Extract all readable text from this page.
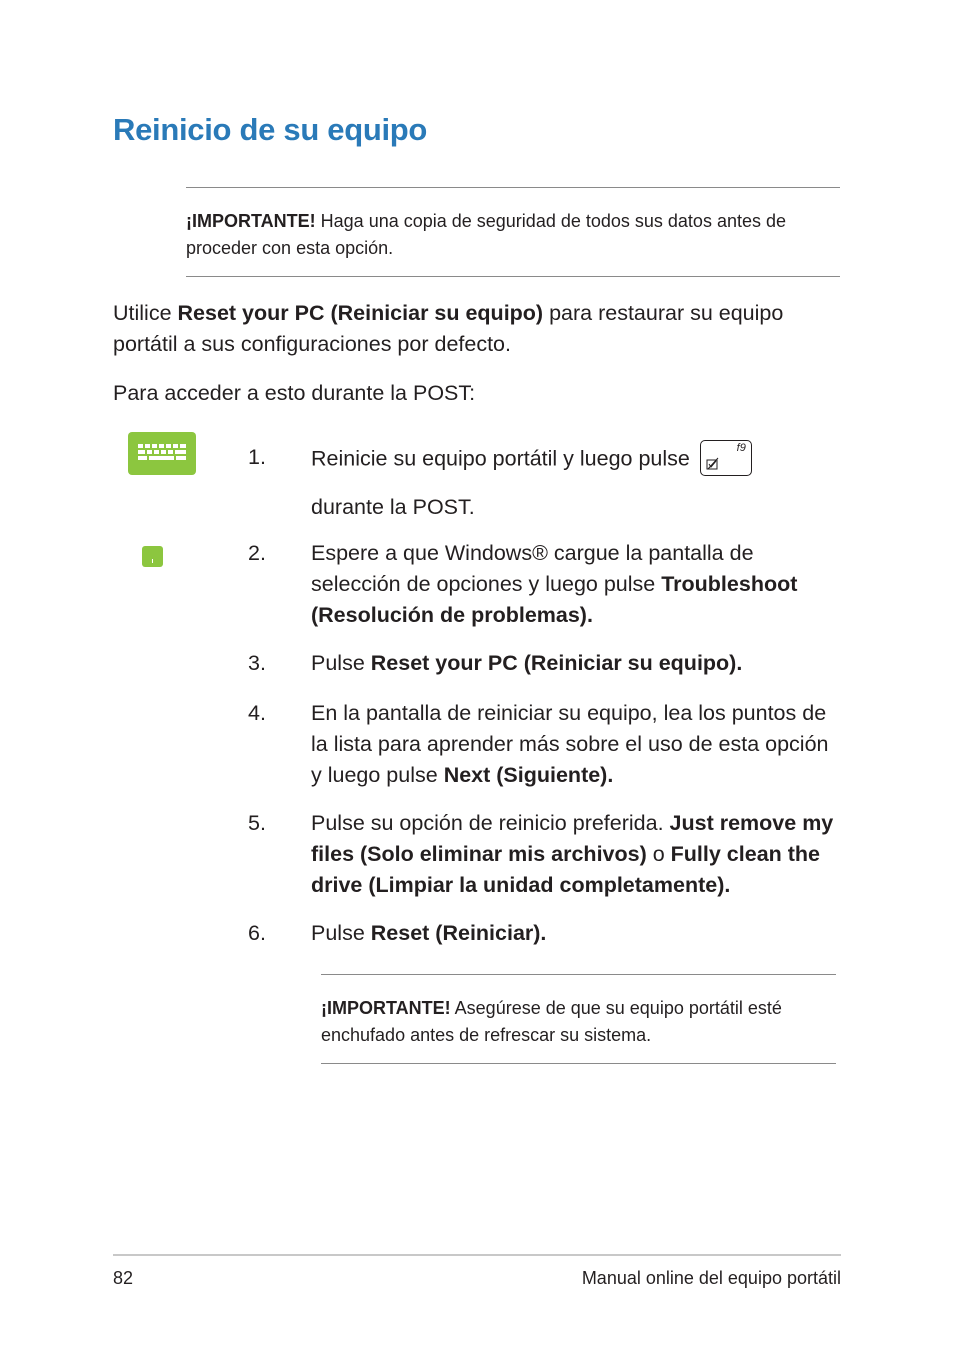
Reinicio de su equipo
¡IMPORTANTE! Haga una copia de seguridad de todos sus datos antes de proceder con esta opción.
Utilice Reset your PC (Reiniciar su equipo) para restaurar su equipo portátil a sus configuraciones por defecto.
Para acceder a esto durante la POST:
1. Reinicie su equipo portátil y luego pulse	f9

durante la POST.
2. Espere a que Windows® cargue la pantalla de selección de opciones y luego pulse Troubleshoot (Resolución de problemas).
3. Pulse Reset your PC (Reiniciar su equipo).
4. En la pantalla de reiniciar su equipo, lea los puntos de la lista para aprender más sobre el uso de esta opción y luego pulse Next (Siguiente).
5. Pulse su opción de reinicio preferida. Just remove my files (Solo eliminar mis archivos) o Fully clean the drive (Limpiar la unidad completamente).
6. Pulse Reset (Reiniciar).
¡IMPORTANTE! Asegúrese de que su equipo portátil esté enchufado antes de refrescar su sistema.
82	Manual online del equipo portátil
